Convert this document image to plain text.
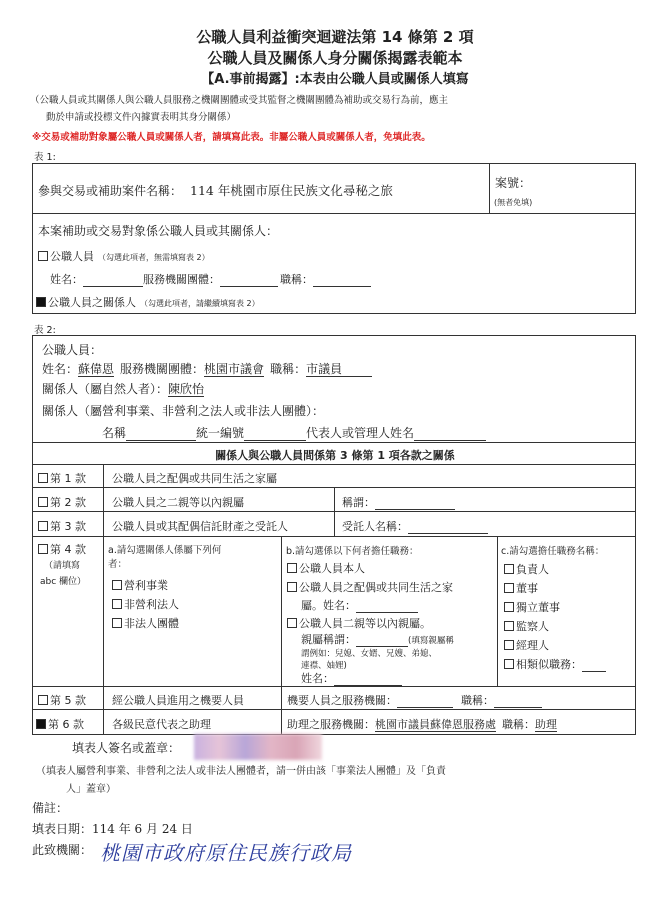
公職人員利益衝突迴避法第 14 條第 2 項
公職人員及關係人身分關係揭露表範本
【A.事前揭露】:本表由公職人員或關係人填寫
（公職人員或其關係人與公職人員服務之機關團體或受其監督之機關團體為補助或交易行為前，應主
動於申請或投標文件內據實表明其身分關係）
※交易或補助對象屬公職人員或關係人者，請填寫此表。非屬公職人員或關係人者，免填此表。
表 1:
參與交易或補助案件名稱： 114 年桃園市原住民族文化尋秘之旅	案號：
(無者免填)
本案補助或交易對象係公職人員或其關係人：
公職人員 （勾選此項者，無需填寫表 2）
姓名：	服務機關團體：	職稱：
公職人員之關係人 （勾選此項者，請繼續填寫表 2）
表 2:
公職人員：
姓名：蘇偉恩 服務機關團體：桃園市議會 職稱：市議員
關係人（屬自然人者）：陳欣怡
關係人（屬營利事業、非營利之法人或非法人團體）：
名稱	統一編號	代表人或管理人姓名
關係人與公職人員間係第 3 條第 1 項各款之關係
第 1 款 公職人員之配偶或共同生活之家屬
第 2 款 公職人員之二親等以內親屬	稱謂：
第 3 款 公職人員或其配偶信託財產之受託人	受託人名稱：
第 4 款
（請填寫
abc 欄位）
a.請勾選關係人係屬下列何
者：
營利事業
非營利法人
非法人團體
b.請勾選係以下何者擔任職務：
公職人員本人
公職人員之配偶或共同生活之家
屬。姓名：
公職人員二親等以內親屬。
親屬稱謂：	(填寫親屬稱
謂例如：兒媳、女婿、兄嫂、弟媳、
連襟、妯娌)
姓名：
c.請勾選擔任職務名稱：
負責人
董事
獨立董事
監察人
經理人
相類似職務：
第 5 款 經公職人員進用之機要人員	機要人員之服務機關：	職稱：
第 6 款	各級民意代表之助理	助理之服務機關：桃園市議員蘇偉恩服務處 職稱：助理
填表人簽名或蓋章：
（填表人屬營利事業、非營利之法人或非法人團體者，請一併由該「事業法人團體」及「負責
人」蓋章）
備註：
填表日期：114 年 6 月 24 日
此致機關： 桃園市政府原住民族行政局
